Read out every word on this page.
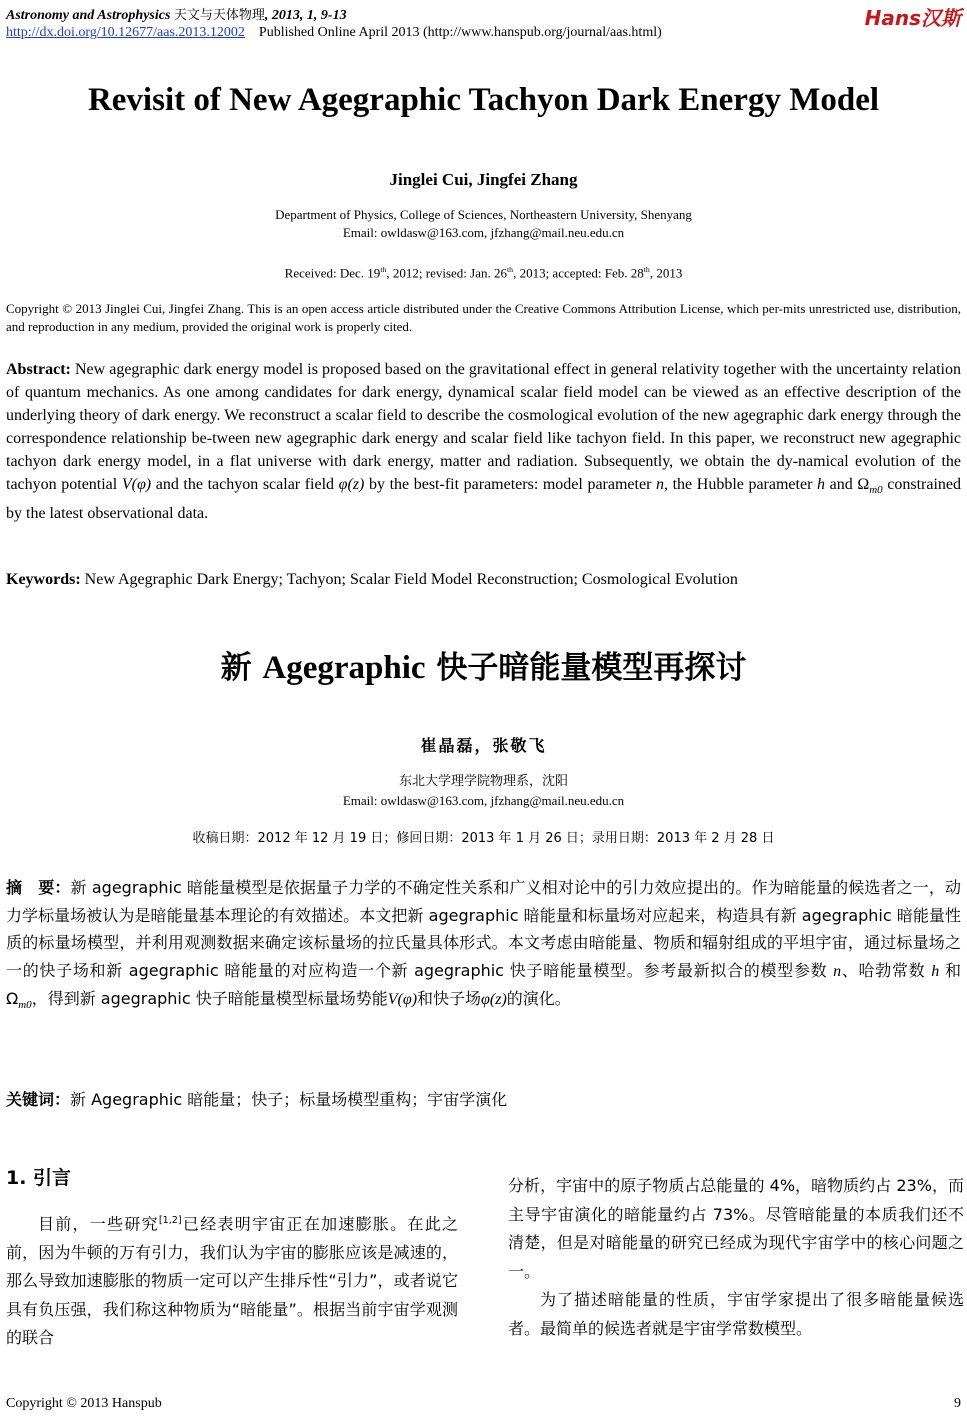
Astronomy and Astrophysics 天文与天体物理, 2013, 1, 9-13
http://dx.doi.org/10.12677/aas.2013.12002 Published Online April 2013 (http://www.hanspub.org/journal/aas.html)
Hans汉斯
Revisit of New Agegraphic Tachyon Dark Energy Model
Jinglei Cui, Jingfei Zhang
Department of Physics, College of Sciences, Northeastern University, Shenyang
Email: owldasw@163.com, jfzhang@mail.neu.edu.cn
Received: Dec. 19th, 2012; revised: Jan. 26th, 2013; accepted: Feb. 28th, 2013
Copyright © 2013 Jinglei Cui, Jingfei Zhang. This is an open access article distributed under the Creative Commons Attribution License, which per-mits unrestricted use, distribution, and reproduction in any medium, provided the original work is properly cited.
Abstract: New agegraphic dark energy model is proposed based on the gravitational effect in general relativity together with the uncertainty relation of quantum mechanics. As one among candidates for dark energy, dynamical scalar field model can be viewed as an effective description of the underlying theory of dark energy. We reconstruct a scalar field to describe the cosmological evolution of the new agegraphic dark energy through the correspondence relationship be-tween new agegraphic dark energy and scalar field like tachyon field. In this paper, we reconstruct new agegraphic tachyon dark energy model, in a flat universe with dark energy, matter and radiation. Subsequently, we obtain the dy-namical evolution of the tachyon potential V(φ) and the tachyon scalar field φ(z) by the best-fit parameters: model parameter n, the Hubble parameter h and $\Omega_{m0}$ constrained by the latest observational data.
Keywords: New Agegraphic Dark Energy; Tachyon; Scalar Field Model Reconstruction; Cosmological Evolution
新 Agegraphic 快子暗能量模型再探讨
崔晶磊，张敬飞
东北大学理学院物理系，沈阳
Email: owldasw@163.com, jfzhang@mail.neu.edu.cn
收稿日期：2012 年 12 月 19 日；修回日期：2013 年 1 月 26 日；录用日期：2013 年 2 月 28 日
摘　要：新 agegraphic 暗能量模型是依据量子力学的不确定性关系和广义相对论中的引力效应提出的。作为暗能量的候选者之一，动力学标量场被认为是暗能量基本理论的有效描述。本文把新 agegraphic 暗能量和标量场对应起来，构造具有新 agegraphic 暗能量性质的标量场模型，并利用观测数据来确定该标量场的拉氏量具体形式。本文考虑由暗能量、物质和辐射组成的平坦宇宙，通过标量场之一的快子场和新 agegraphic 暗能量的对应构造一个新 agegraphic 快子暗能量模型。参考最新拟合的模型参数 n、哈勃常数 h 和 $\Omega_{m0}$，得到新 agegraphic 快子暗能量模型标量场势能V(φ)和快子场φ(z)的演化。
关键词：新 Agegraphic 暗能量；快子；标量场模型重构；宇宙学演化
1. 引言

目前，一些研究[1,2]已经表明宇宙正在加速膨胀。在此之前，因为牛顿的万有引力，我们认为宇宙的膨胀应该是减速的，那么导致加速膨胀的物质一定可以产生排斥性“引力”，或者说它具有负压强，我们称这种物质为“暗能量”。根据当前宇宙学观测的联合

分析，宇宙中的原子物质占总能量的 4%，暗物质约占 23%，而主导宇宙演化的暗能量约占 73%。尽管暗能量的本质我们还不清楚，但是对暗能量的研究已经成为现代宇宙学中的核心问题之一。

为了描述暗能量的性质，宇宙学家提出了很多暗能量候选者。最简单的候选者就是宇宙学常数模型。

Copyright © 2013 Hanspub	9
